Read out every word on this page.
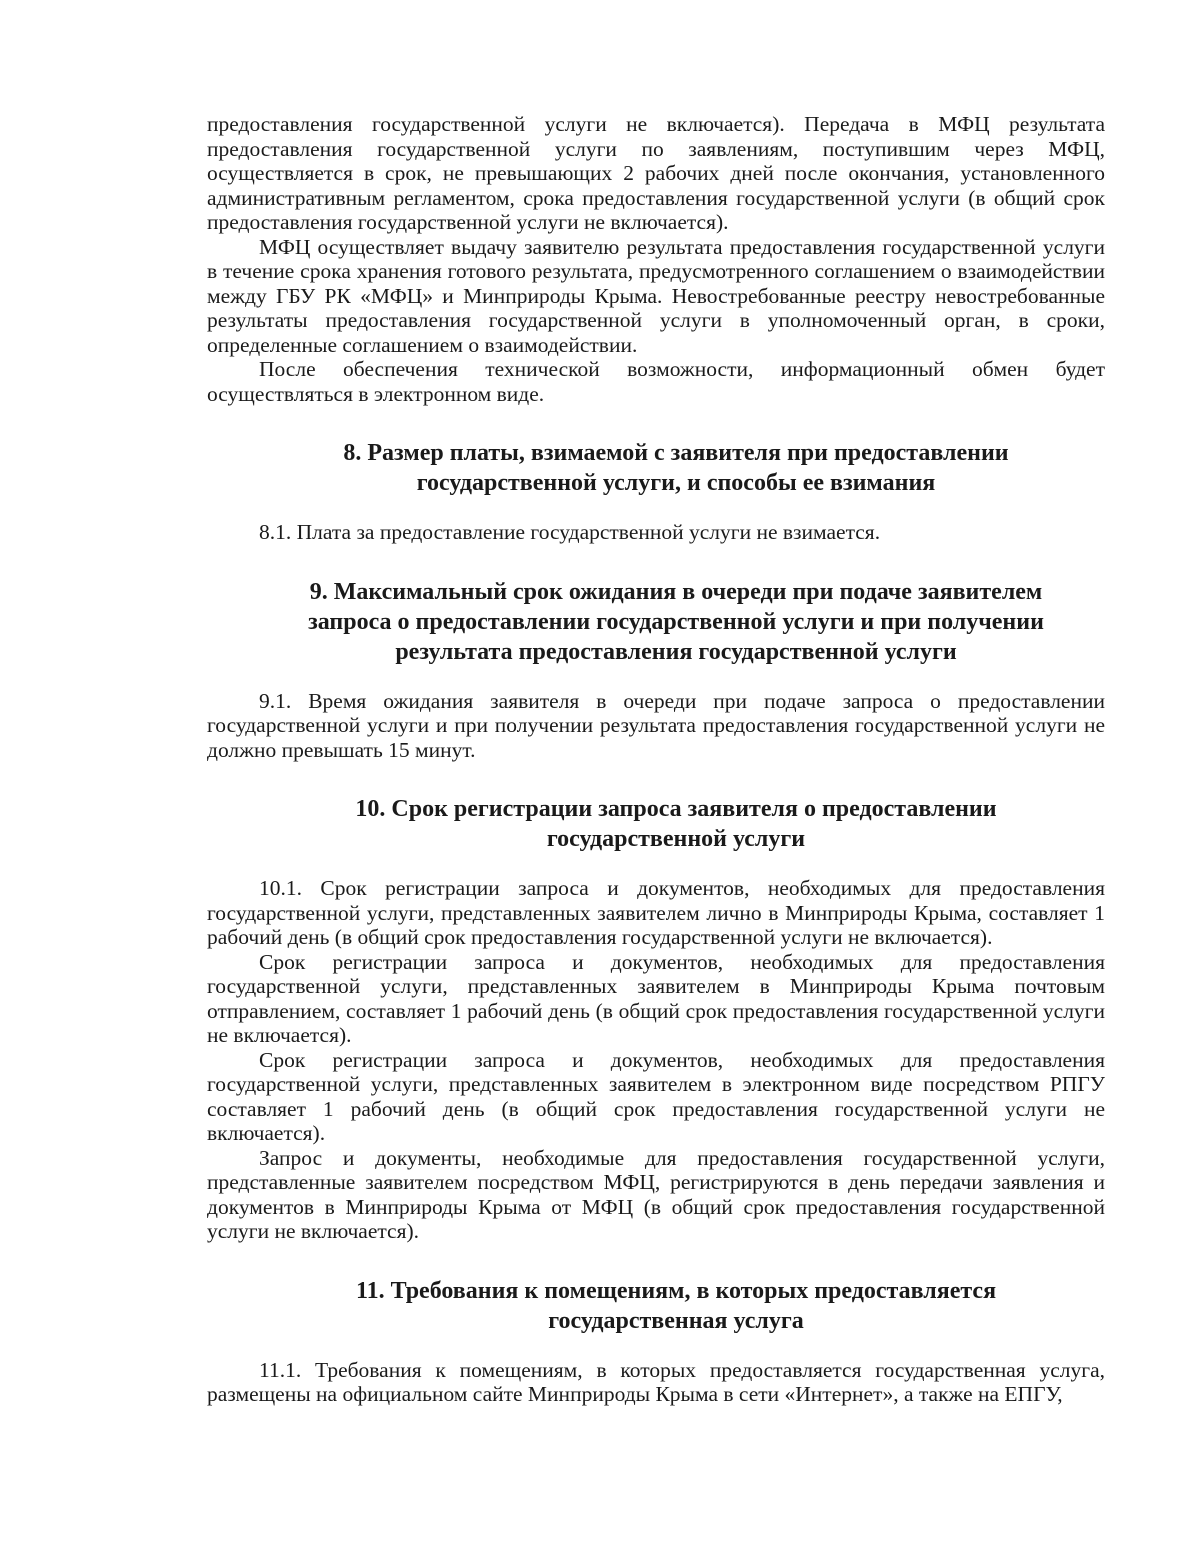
предоставления государственной услуги не включается). Передача в МФЦ результата предоставления государственной услуги по заявлениям, поступившим через МФЦ, осуществляется в срок, не превышающих 2 рабочих дней после окончания, установленного административным регламентом, срока предоставления государственной услуги (в общий срок предоставления государственной услуги не включается).

МФЦ осуществляет выдачу заявителю результата предоставления государственной услуги в течение срока хранения готового результата, предусмотренного соглашением о взаимодействии между ГБУ РК «МФЦ» и Минприроды Крыма. Невостребованные реестру невостребованные результаты предоставления государственной услуги в уполномоченный орган, в сроки, определенные соглашением о взаимодействии.

После обеспечения технической возможности, информационный обмен будет осуществляться в электронном виде.

8. Размер платы, взимаемой с заявителя при предоставлении
государственной услуги, и способы ее взимания

8.1. Плата за предоставление государственной услуги не взимается.

9. Максимальный срок ожидания в очереди при подаче заявителем
запроса о предоставлении государственной услуги и при получении
результата предоставления государственной услуги

9.1. Время ожидания заявителя в очереди при подаче запроса о предоставлении государственной услуги и при получении результата предоставления государственной услуги не должно превышать 15 минут.

10. Срок регистрации запроса заявителя о предоставлении
государственной услуги

10.1. Срок регистрации запроса и документов, необходимых для предоставления государственной услуги, представленных заявителем лично в Минприроды Крыма, составляет 1 рабочий день (в общий срок предоставления государственной услуги не включается).

Срок регистрации запроса и документов, необходимых для предоставления государственной услуги, представленных заявителем в Минприроды Крыма почтовым отправлением, составляет 1 рабочий день (в общий срок предоставления государственной услуги не включается).

Срок регистрации запроса и документов, необходимых для предоставления государственной услуги, представленных заявителем в электронном виде посредством РПГУ составляет 1 рабочий день (в общий срок предоставления государственной услуги не включается).

Запрос и документы, необходимые для предоставления государственной услуги, представленные заявителем посредством МФЦ, регистрируются в день передачи заявления и документов в Минприроды Крыма от МФЦ (в общий срок предоставления государственной услуги не включается).

11. Требования к помещениям, в которых предоставляется
государственная услуга

11.1. Требования к помещениям, в которых предоставляется государственная услуга, размещены на официальном сайте Минприроды Крыма в сети «Интернет», а также на ЕПГУ,
